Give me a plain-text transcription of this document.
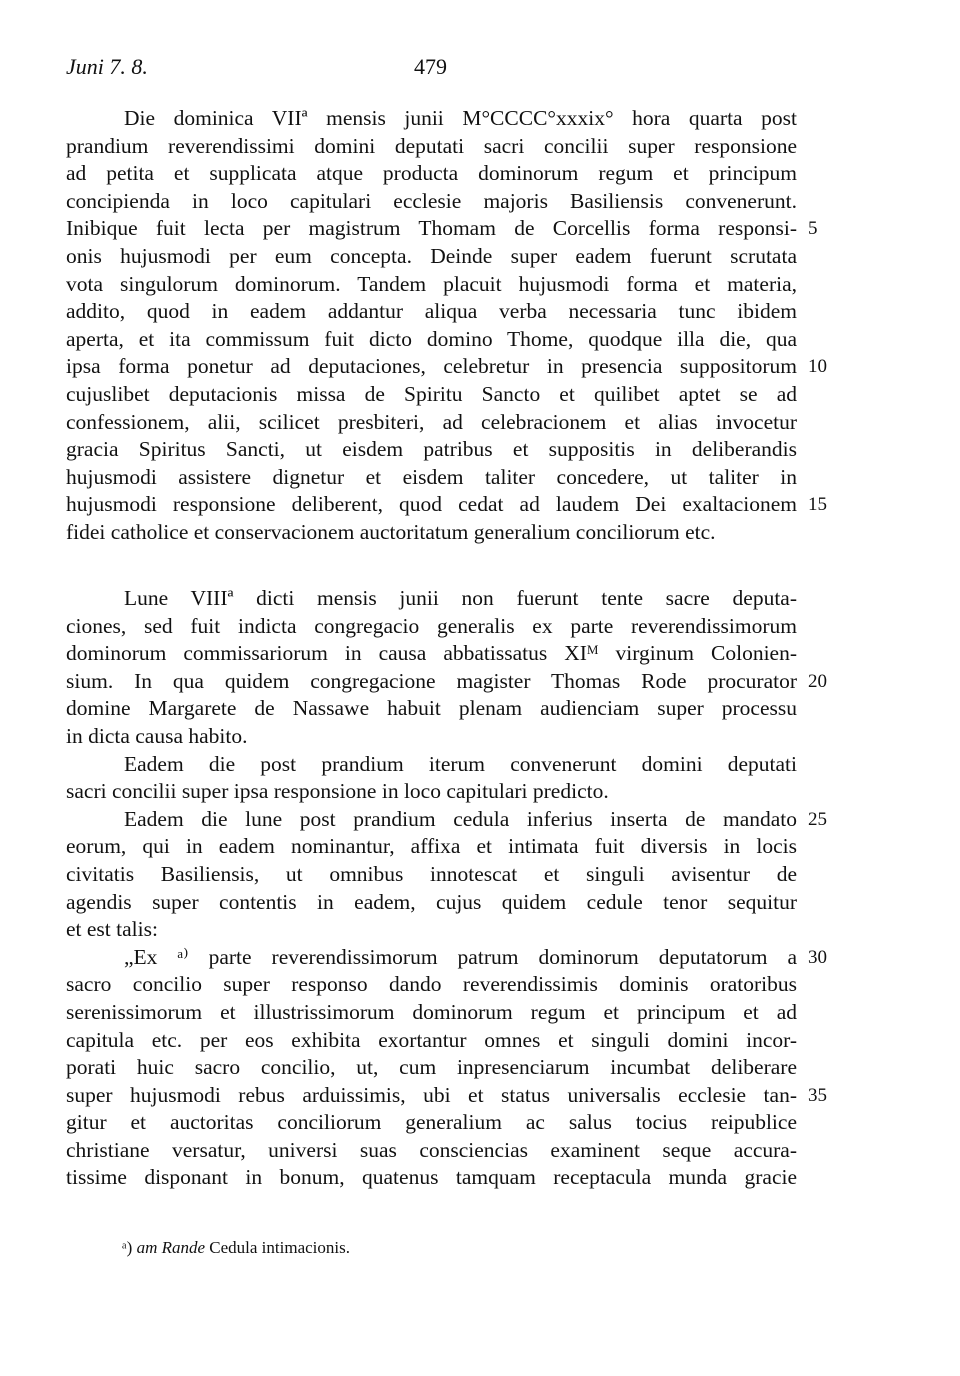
Juni 7. 8.	479
Die dominica VIIª mensis junii M°CCCC°xxxix° hora quarta post
prandium reverendissimi domini deputati sacri concilii super responsione
ad petita et supplicata atque producta dominorum regum et principum
concipienda in loco capitulari ecclesie majoris Basiliensis convenerunt.
Inibique fuit lecta per magistrum Thomam de Corcellis forma responsi- 5
onis hujusmodi per eum concepta. Deinde super eadem fuerunt scrutata
vota singulorum dominorum. Tandem placuit hujusmodi forma et materia,
addito, quod in eadem addantur aliqua verba necessaria tunc ibidem
aperta, et ita commissum fuit dicto domino Thome, quodque illa die, qua
ipsa forma ponetur ad deputaciones, celebretur in presencia suppositorum 10
cujuslibet deputacionis missa de Spiritu Sancto et quilibet aptet se ad
confessionem, alii, scilicet presbiteri, ad celebracionem et alias invocetur
gracia Spiritus Sancti, ut eisdem patribus et suppositis in deliberandis
hujusmodi assistere dignetur et eisdem taliter concedere, ut taliter in
hujusmodi responsione deliberent, quod cedat ad laudem Dei exaltacionem 15
fidei catholice et conservacionem auctoritatum generalium conciliorum etc.
Lune VIIIª dicti mensis junii non fuerunt tente sacre deputa-
ciones, sed fuit indicta congregacio generalis ex parte reverendissimorum
dominorum commissariorum in causa abbatissatus XIᴹ virginum Colonien-
sium. In qua quidem congregacione magister Thomas Rode procurator 20
domine Margarete de Nassawe habuit plenam audienciam super processu
in dicta causa habito.
Eadem die post prandium iterum convenerunt domini deputati
sacri concilii super ipsa responsione in loco capitulari predicto.
Eadem die lune post prandium cedula inferius inserta de mandato 25
eorum, qui in eadem nominantur, affixa et intimata fuit diversis in locis
civitatis Basiliensis, ut omnibus innotescat et singuli avisentur de
agendis super contentis in eadem, cujus quidem cedule tenor sequitur
et est talis:
„Ex ᵃ⁾ parte reverendissimorum patrum dominorum deputatorum a 30
sacro concilio super responso dando reverendissimis dominis oratoribus
serenissimorum et illustrissimorum dominorum regum et principum et ad
capitula etc. per eos exhibita exortantur omnes et singuli domini incor-
porati huic sacro concilio, ut, cum inpresenciarum incumbat deliberare
super hujusmodi rebus arduissimis, ubi et status universalis ecclesie tan- 35
gitur et auctoritas conciliorum generalium ac salus tocius reipublice
christiane versatur, universi suas consciencias examinent seque accura-
tissime disponant in bonum, quatenus tamquam receptacula munda gracie
ᵃ) am Rande Cedula intimacionis.
